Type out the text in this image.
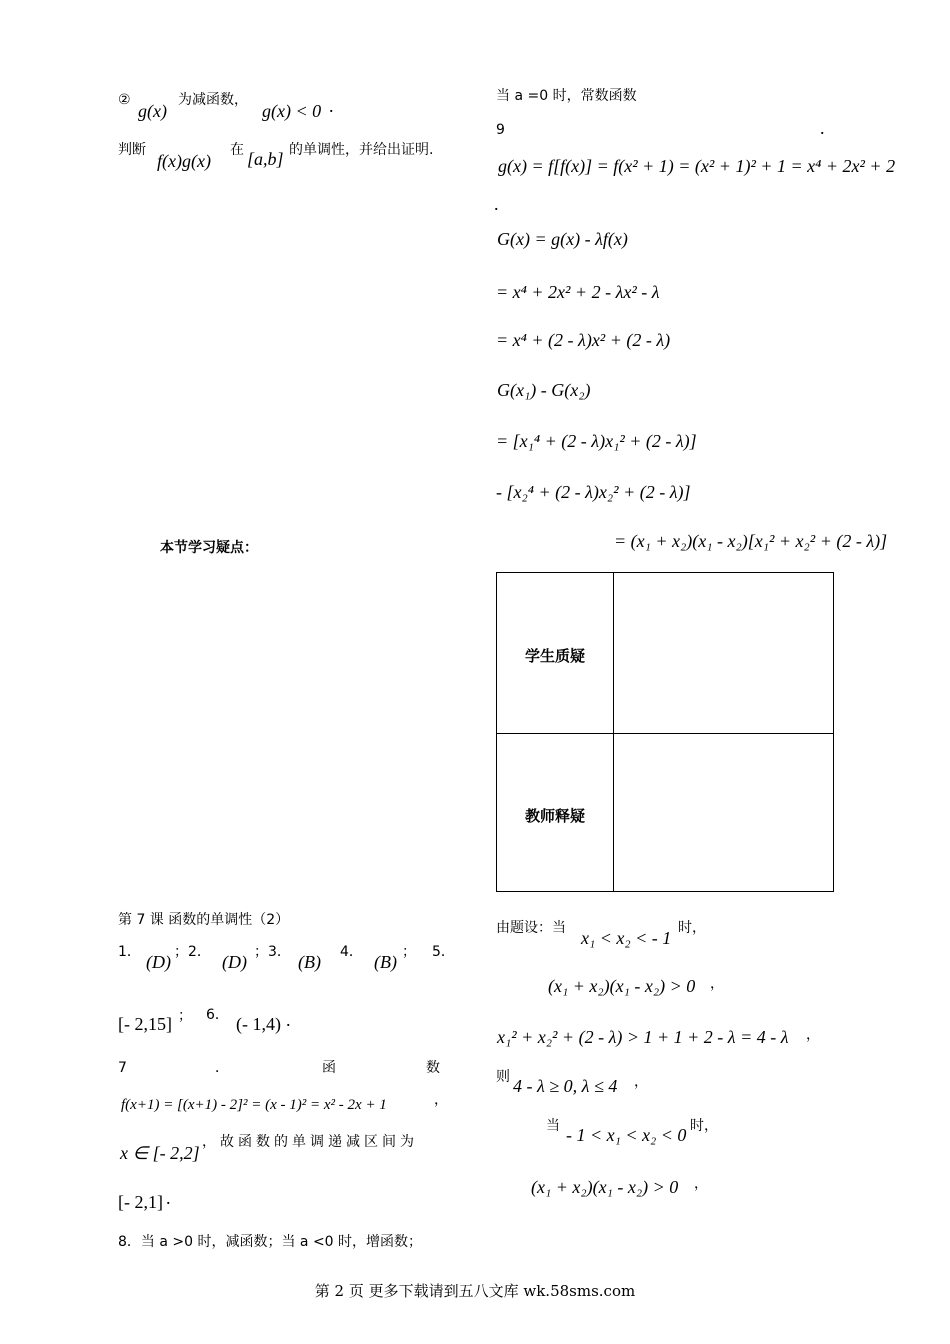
②
g(x)
为减函数，
g(x) < 0 .
判断
f(x)g(x)
在 [a,b] 的单调性，并给出证明.
本节学习疑点：
第 7 课 函数的单调性（2）
1． (D) ；2． (D) ；3． (B) 4． (B) ； 5．
[- 2,15] ； 6． (- 1,4) .
7	．	函	数
f(x+1) = [(x+1) - 2]² = (x - 1)² = x² - 2x + 1	，
x ∈ [- 2,2]
，故函数的单调递减区间为
[- 2,1] .
8．当 a >0 时，减函数；当 a <0 时，增函数；
当 a =0 时，常数函数
9	.
g(x) = f[f(x)] = f(x² + 1) = (x² + 1)² + 1 = x⁴ + 2x² + 2
.
G(x) = g(x) - λf(x)
= x⁴ + 2x² + 2 - λx² - λ
= x⁴ + (2 - λ)x² + (2 - λ)
G(x₁) - G(x₂)
= [x₁⁴ + (2 - λ)x₁² + (2 - λ)]
- [x₂⁴ + (2 - λ)x₂² + (2 - λ)]
= (x₁ + x₂)(x₁ - x₂)[x₁² + x₂² + (2 - λ)]
学生质疑
教师释疑
由题设：当 x₁ < x₂ < - 1 时，
(x₁ + x₂)(x₁ - x₂) > 0 ，
x₁² + x₂² + (2 - λ) > 1 + 1 + 2 - λ = 4 - λ ，
则 4 - λ ≥ 0, λ ≤ 4 ，
当 - 1 < x₁ < x₂ < 0 时，
(x₁ + x₂)(x₁ - x₂) > 0 ，
第 2 页 更多下载请到五八文库 wk.58sms.com
